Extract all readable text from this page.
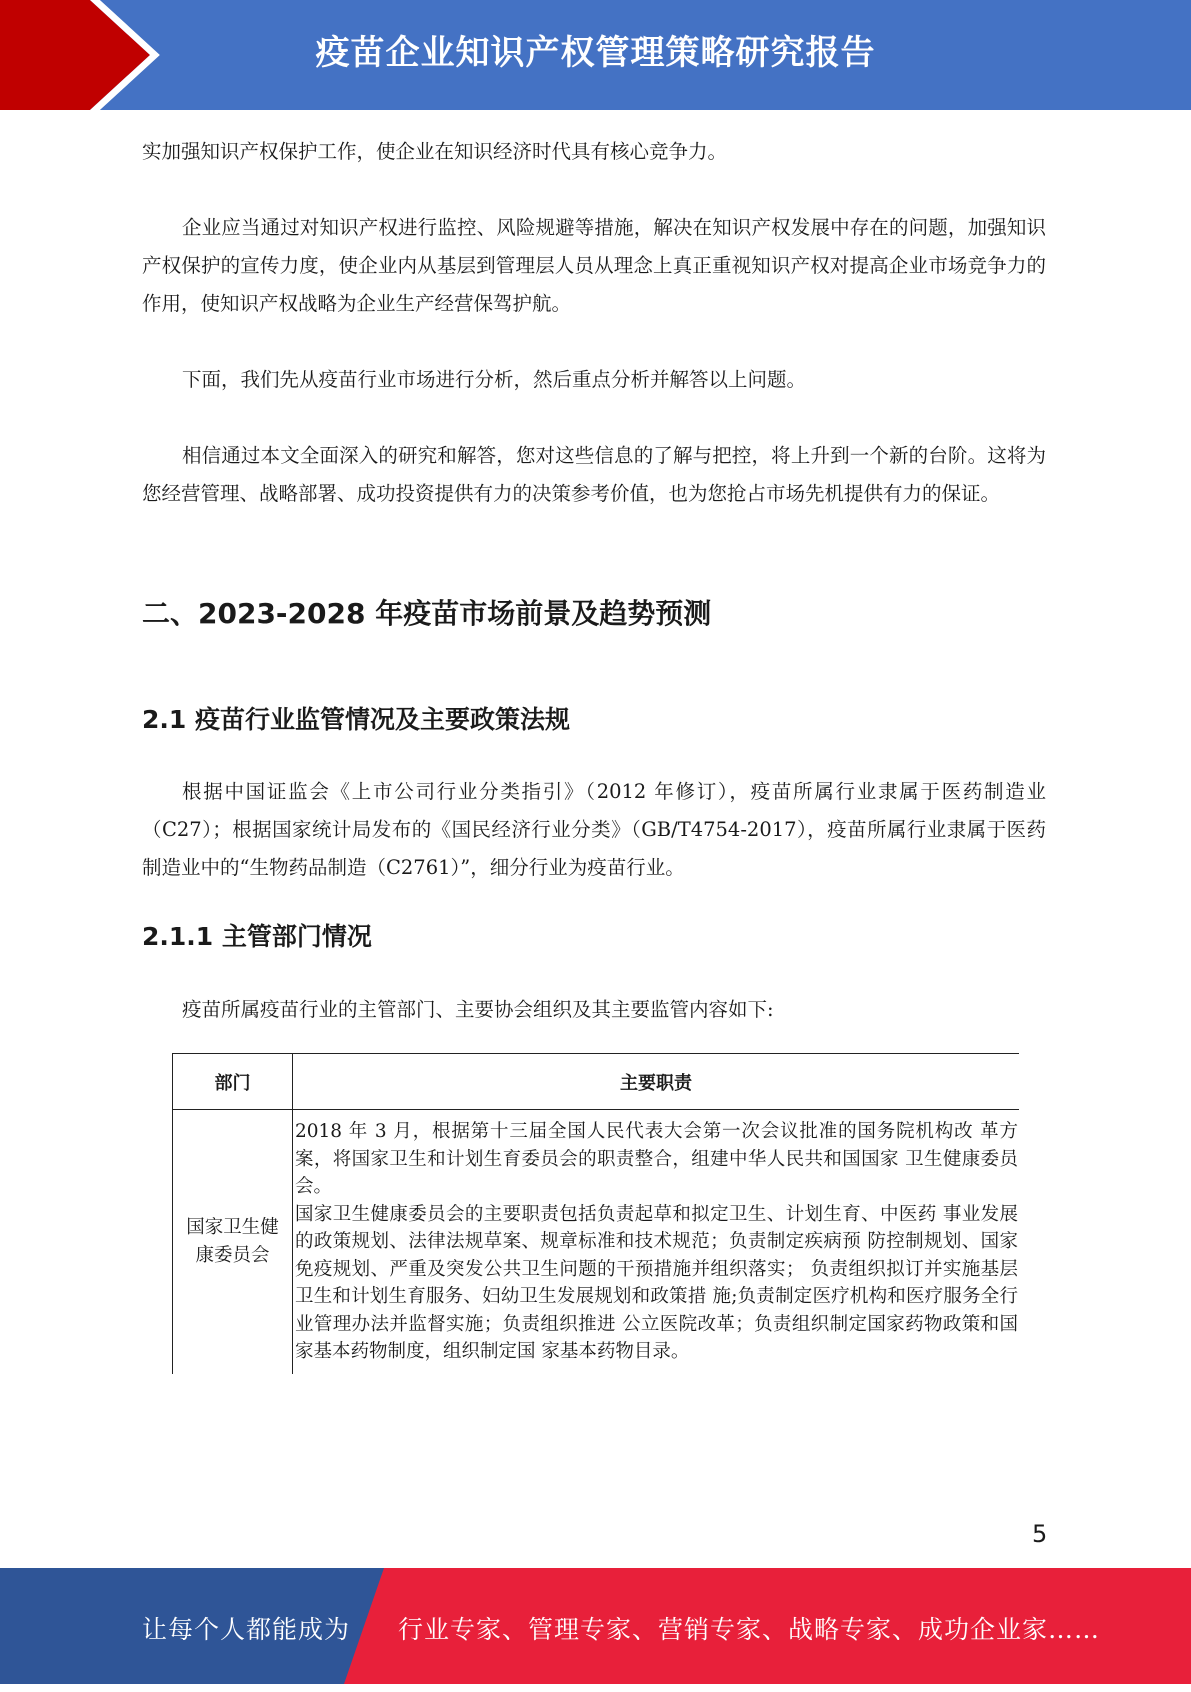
疫苗企业知识产权管理策略研究报告

实加强知识产权保护工作，使企业在知识经济时代具有核心竞争力。

企业应当通过对知识产权进行监控、风险规避等措施，解决在知识产权发展中存在的问题，加强知识产权保护的宣传力度，使企业内从基层到管理层人员从理念上真正重视知识产权对提高企业市场竞争力的作用，使知识产权战略为企业生产经营保驾护航。

下面，我们先从疫苗行业市场进行分析，然后重点分析并解答以上问题。

相信通过本文全面深入的研究和解答，您对这些信息的了解与把控，将上升到一个新的台阶。这将为您经营管理、战略部署、成功投资提供有力的决策参考价值，也为您抢占市场先机提供有力的保证。

二、2023-2028 年疫苗市场前景及趋势预测
2.1 疫苗行业监管情况及主要政策法规

根据中国证监会《上市公司行业分类指引》（2012 年修订），疫苗所属行业隶属于医药制造业（C27）；根据国家统计局发布的《国民经济行业分类》（GB/T4754-2017），疫苗所属行业隶属于医药制造业中的“生物药品制造（C2761）”，细分行业为疫苗行业。

2.1.1 主管部门情况

疫苗所属疫苗行业的主管部门、主要协会组织及其主要监管内容如下:

部门	主要职责
国家卫生健康委员会	2018 年 3 月，根据第十三届全国人民代表大会第一次会议批准的国务院机构改 革方案，将国家卫生和计划生育委员会的职责整合，组建中华人民共和国国家 卫生健康委员会。
国家卫生健康委员会的主要职责包括负责起草和拟定卫生、计划生育、中医药 事业发展的政策规划、法律法规草案、规章标准和技术规范；负责制定疾病预 防控制规划、国家免疫规划、严重及突发公共卫生问题的干预措施并组织落实； 负责组织拟订并实施基层卫生和计划生育服务、妇幼卫生发展规划和政策措 施;负责制定医疗机构和医疗服务全行业管理办法并监督实施；负责组织推进 公立医院改革；负责组织制定国家药物政策和国家基本药物制度，组织制定国 家基本药物目录。
5
让每个人都能成为 行业专家、管理专家、营销专家、战略专家、成功企业家……
